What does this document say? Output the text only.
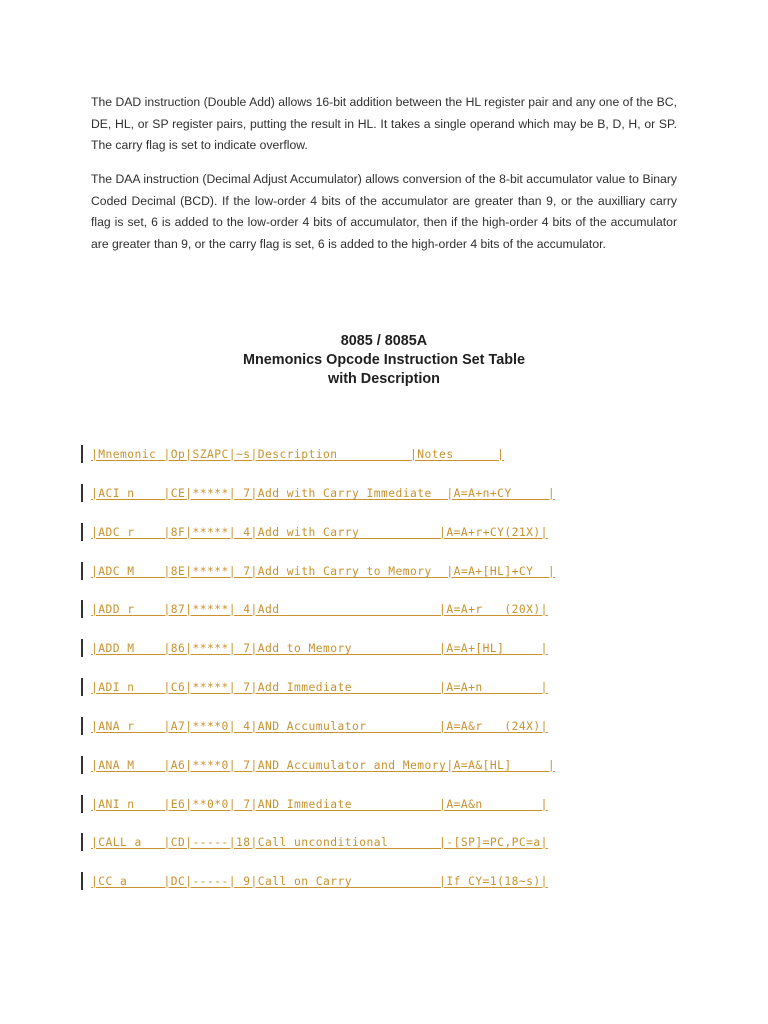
The DAD instruction (Double Add) allows 16-bit addition between the HL register pair and any one of the BC, DE, HL, or SP register pairs, putting the result in HL. It takes a single operand which may be B, D, H, or SP. The carry flag is set to indicate overflow.

The DAA instruction (Decimal Adjust Accumulator) allows conversion of the 8-bit accumulator value to Binary Coded Decimal (BCD). If the low-order 4 bits of the accumulator are greater than 9, or the auxilliary carry flag is set, 6 is added to the low-order 4 bits of accumulator, then if the high-order 4 bits of the accumulator are greater than 9, or the carry flag is set, 6 is added to the high-order 4 bits of the accumulator.

8085 / 8085A
Mnemonics Opcode Instruction Set Table
with Description
|Mnemonic |Op|SZAPC|~s|Description          |Notes      |
|ACI n    |CE|*****| 7|Add with Carry Immediate  |A=A+n+CY     |
|ADC r    |8F|*****| 4|Add with Carry           |A=A+r+CY(21X)|
|ADC M    |8E|*****| 7|Add with Carry to Memory  |A=A+[HL]+CY  |
|ADD r    |87|*****| 4|Add                      |A=A+r   (20X)|
|ADD M    |86|*****| 7|Add to Memory            |A=A+[HL]     |
|ADI n    |C6|*****| 7|Add Immediate            |A=A+n        |
|ANA r    |A7|****0| 4|AND Accumulator          |A=A&r   (24X)|
|ANA M    |A6|****0| 7|AND Accumulator and Memory|A=A&[HL]     |
|ANI n    |E6|**0*0| 7|AND Immediate            |A=A&n        |
|CALL a   |CD|-----|18|Call unconditional       |-[SP]=PC,PC=a|
|CC a     |DC|-----| 9|Call on Carry            |If CY=1(18~s)|
